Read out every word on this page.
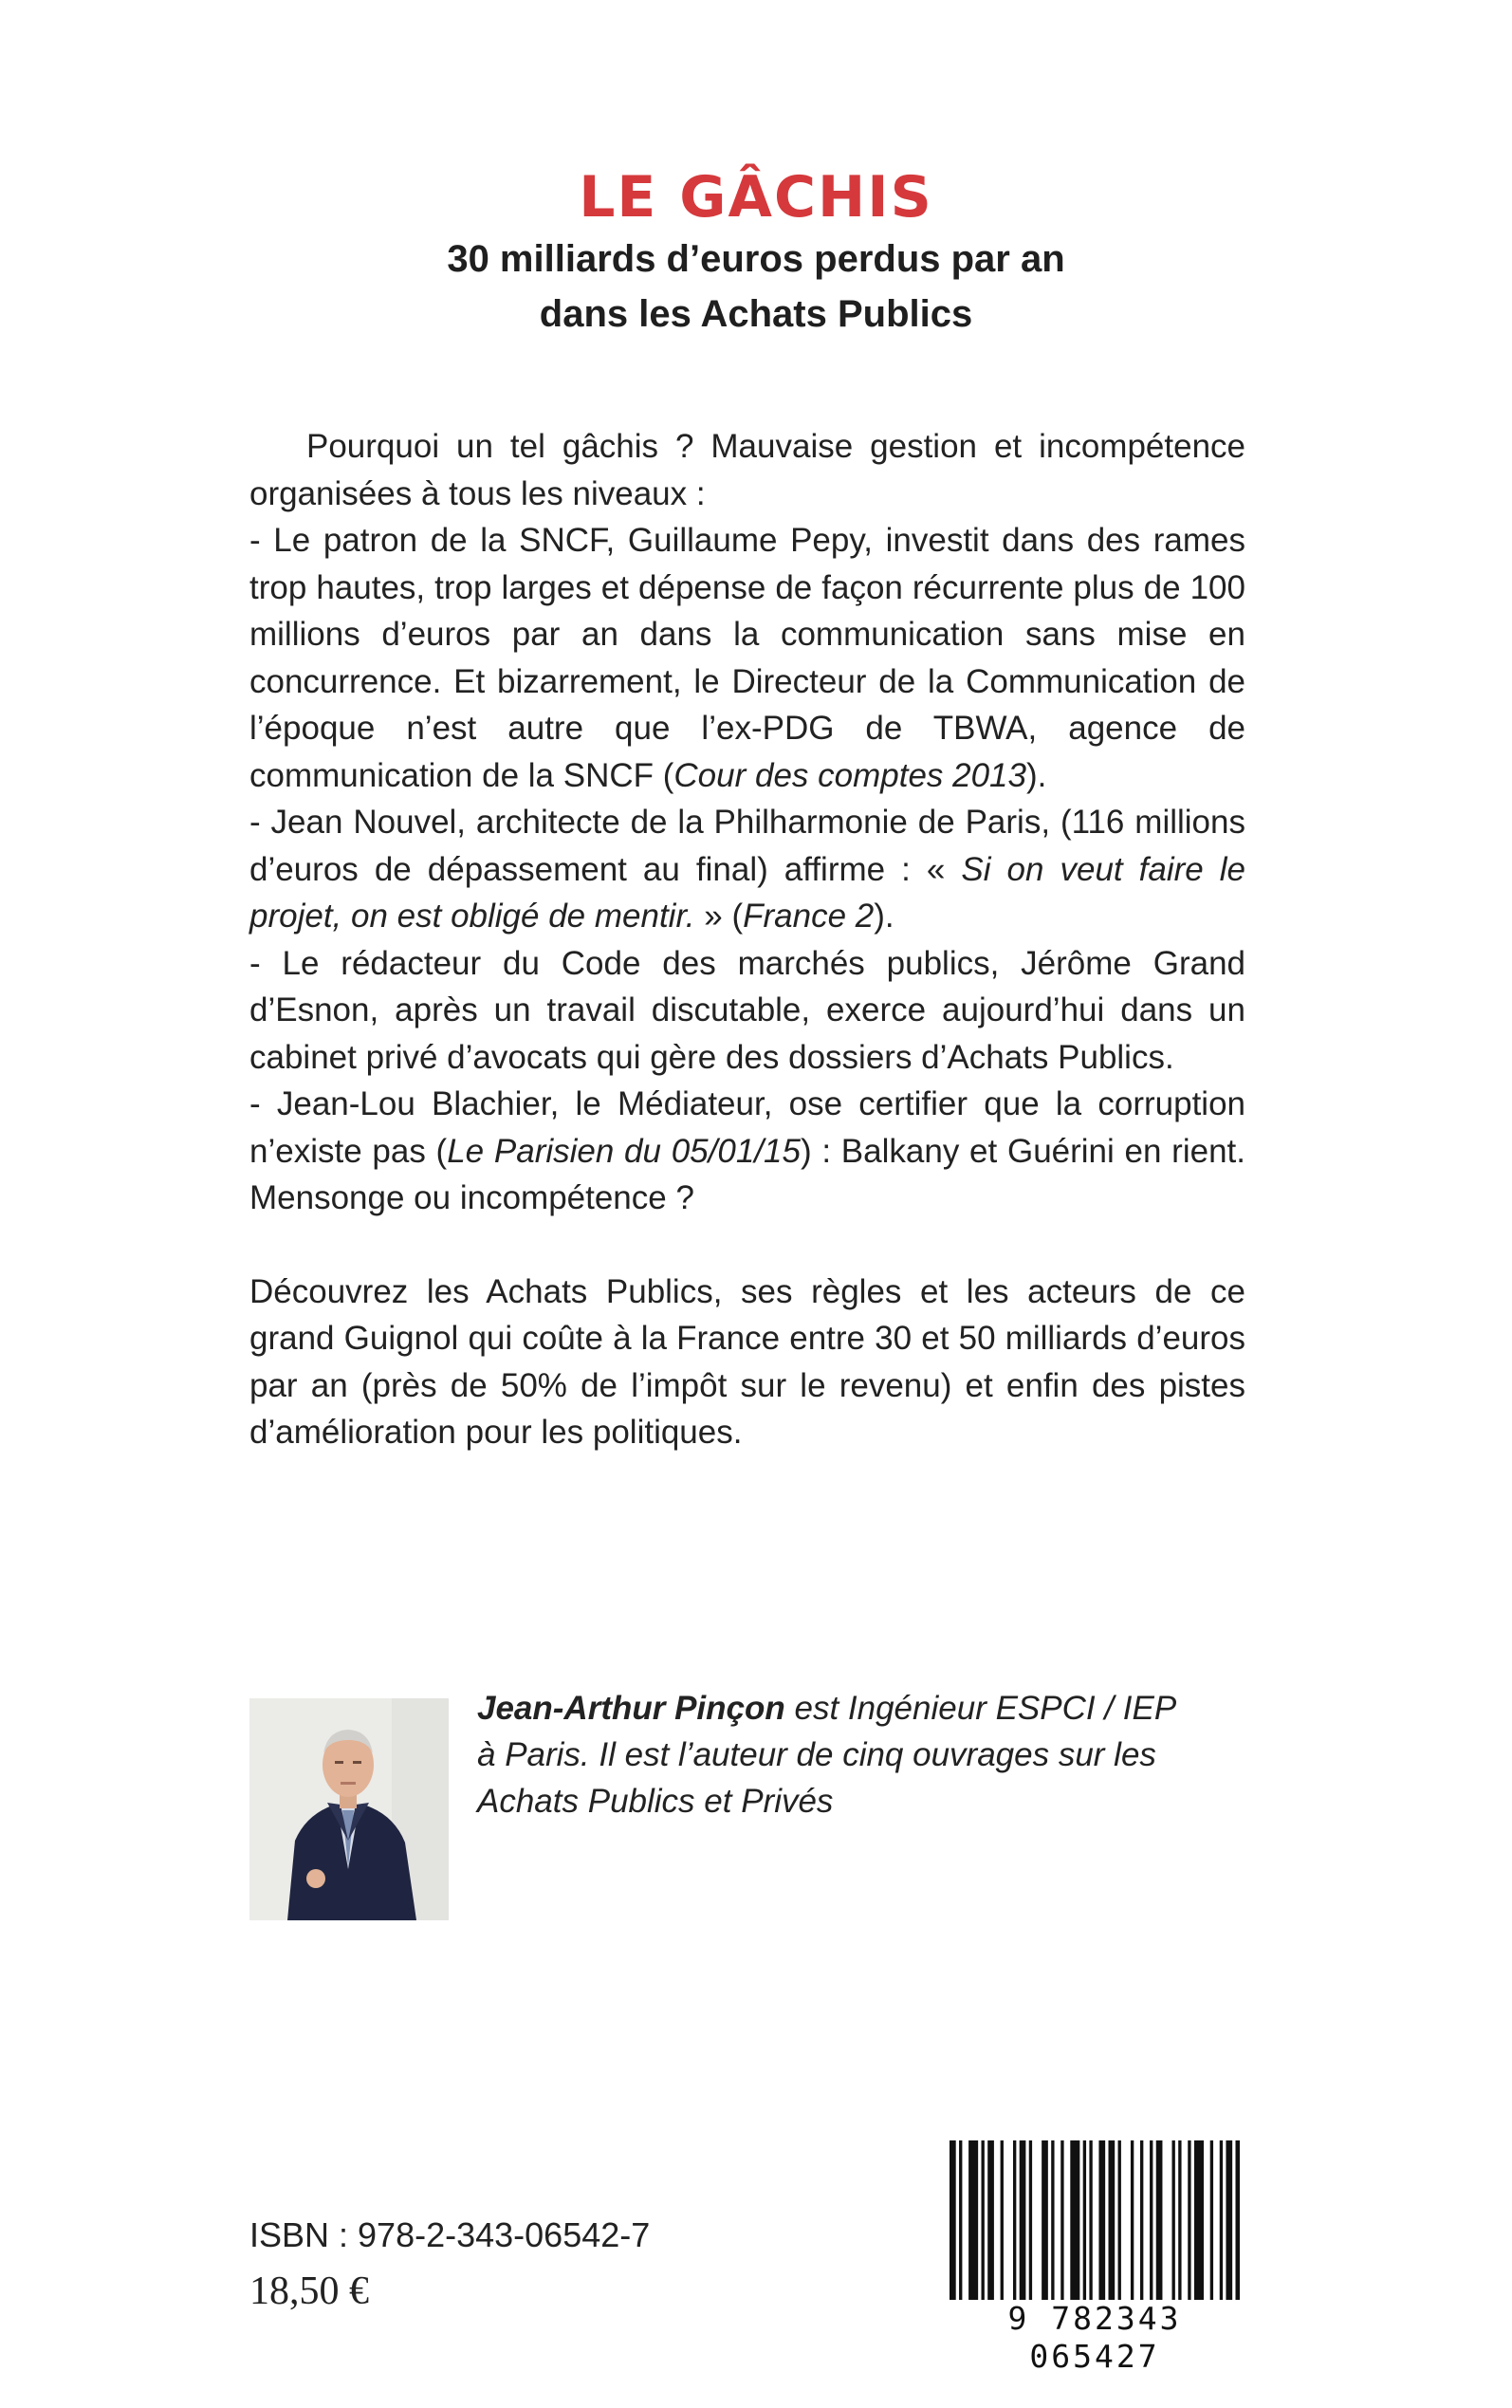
LE GÂCHIS
30 milliards d’euros perdus par an
dans les Achats Publics

Pourquoi un tel gâchis ? Mauvaise gestion et incompétence organisées à tous les niveaux :

- Le patron de la SNCF, Guillaume Pepy, investit dans des rames trop hautes, trop larges et dépense de façon récurrente plus de 100 millions d’euros par an dans la communication sans mise en concurrence. Et bizarrement, le Directeur de la Communication de l’époque n’est autre que l’ex-PDG de TBWA, agence de communication de la SNCF (Cour des comptes 2013).

- Jean Nouvel, architecte de la Philharmonie de Paris, (116 millions d’euros de dépassement au final) affirme : « Si on veut faire le projet, on est obligé de mentir. » (France 2).

- Le rédacteur du Code des marchés publics, Jérôme Grand d’Esnon, après un travail discutable, exerce aujourd’hui dans un cabinet privé d’avocats qui gère des dossiers d’Achats Publics.

- Jean-Lou Blachier, le Médiateur, ose certifier que la corruption n’existe pas (Le Parisien du 05/01/15) : Balkany et Guérini en rient. Mensonge ou incompétence ?

Découvrez les Achats Publics, ses règles et les acteurs de ce grand Guignol qui coûte à la France entre 30 et 50 milliards d’euros par an (près de 50% de l’impôt sur le revenu) et enfin des pistes d’amélioration pour les politiques.

Jean-Arthur Pinçon est Ingénieur ESPCI / IEP
à Paris. Il est l’auteur de cinq ouvrages sur les
Achats Publics et Privés
ISBN : 978-2-343-06542-7
18,50 €
9 782343 065427
